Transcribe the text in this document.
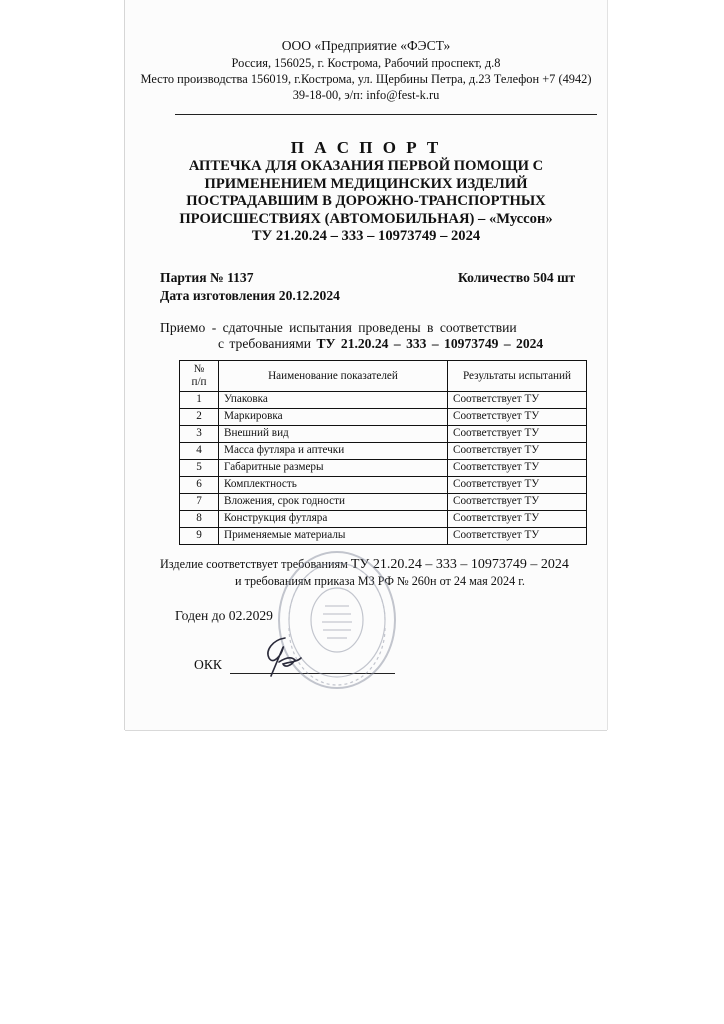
ООО «Предприятие «ФЭСТ»
Россия, 156025, г. Кострома, Рабочий проспект, д.8
Место производства 156019, г.Кострома, ул. Щербины Петра, д.23 Телефон +7 (4942)
39-18-00, э/п: info@fest-k.ru
П А С П О Р Т
АПТЕЧКА ДЛЯ ОКАЗАНИЯ ПЕРВОЙ ПОМОЩИ С
ПРИМЕНЕНИЕМ МЕДИЦИНСКИХ ИЗДЕЛИЙ
ПОСТРАДАВШИМ В ДОРОЖНО-ТРАНСПОРТНЫХ
ПРОИСШЕСТВИЯХ (АВТОМОБИЛЬНАЯ) – «Муссон»
ТУ 21.20.24 – 333 – 10973749 – 2024
Партия № 1137	Количество 504 шт
Дата изготовления 20.12.2024
Приемо - сдаточные испытания проведены в соответствии
с требованиями ТУ 21.20.24 – 333 – 10973749 – 2024
№
п/п	Наименование показателей	Результаты испытаний
1	Упаковка	Соответствует ТУ
2	Маркировка	Соответствует ТУ
3	Внешний вид	Соответствует ТУ
4	Масса футляра и аптечки	Соответствует ТУ
5	Габаритные размеры	Соответствует ТУ
6	Комплектность	Соответствует ТУ
7	Вложения, срок годности	Соответствует ТУ
8	Конструкция футляра	Соответствует ТУ
9	Применяемые материалы	Соответствует ТУ
Изделие соответствует требованиям ТУ 21.20.24 – 333 – 10973749 – 2024
и требованиям приказа МЗ РФ № 260н от 24 мая 2024 г.
Годен до 02.2029
ОКК
